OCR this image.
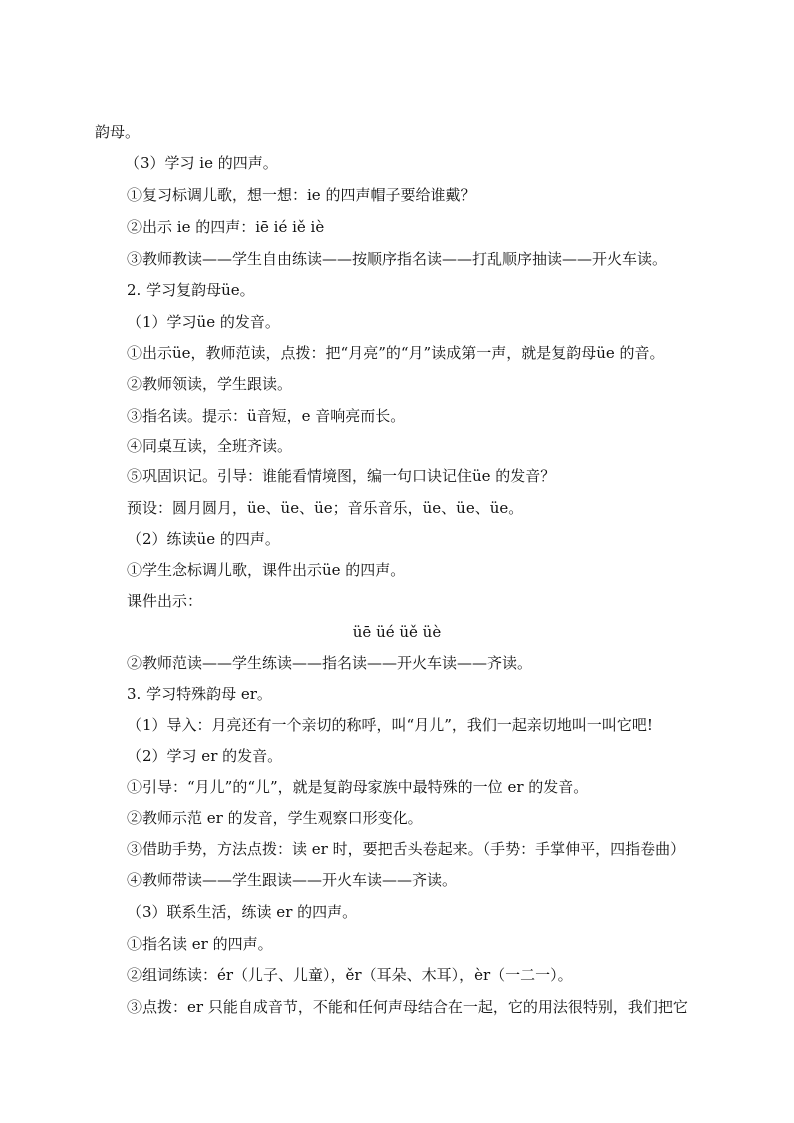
韵母。
（3）学习 ie 的四声。
①复习标调儿歌，想一想：ie 的四声帽子要给谁戴？
②出示 ie 的四声：iē ié iě iè
③教师教读——学生自由练读——按顺序指名读——打乱顺序抽读——开火车读。
2. 学习复韵母üe。
（1）学习üe 的发音。
①出示üe，教师范读，点拨：把“月亮”的“月”读成第一声，就是复韵母üe 的音。
②教师领读，学生跟读。
③指名读。提示：ü音短，e 音响亮而长。
④同桌互读，全班齐读。
⑤巩固识记。引导：谁能看情境图，编一句口诀记住üe 的发音？
预设：圆月圆月，üe、üe、üe；音乐音乐，üe、üe、üe。
（2）练读üe 的四声。
①学生念标调儿歌，课件出示üe 的四声。
课件出示：
üē üé üě üè
②教师范读——学生练读——指名读——开火车读——齐读。
3. 学习特殊韵母 er。
（1）导入：月亮还有一个亲切的称呼，叫“月儿”，我们一起亲切地叫一叫它吧!
（2）学习 er 的发音。
①引导：“月儿”的“儿”，就是复韵母家族中最特殊的一位 er 的发音。
②教师示范 er 的发音，学生观察口形变化。
③借助手势，方法点拨：读 er 时，要把舌头卷起来。（手势：手掌伸平，四指卷曲）
④教师带读——学生跟读——开火车读——齐读。
（3）联系生活，练读 er 的四声。
①指名读 er 的四声。
②组词练读：ér（儿子、儿童），ěr（耳朵、木耳），èr（一二一）。
③点拨：er 只能自成音节，不能和任何声母结合在一起，它的用法很特别，我们把它
